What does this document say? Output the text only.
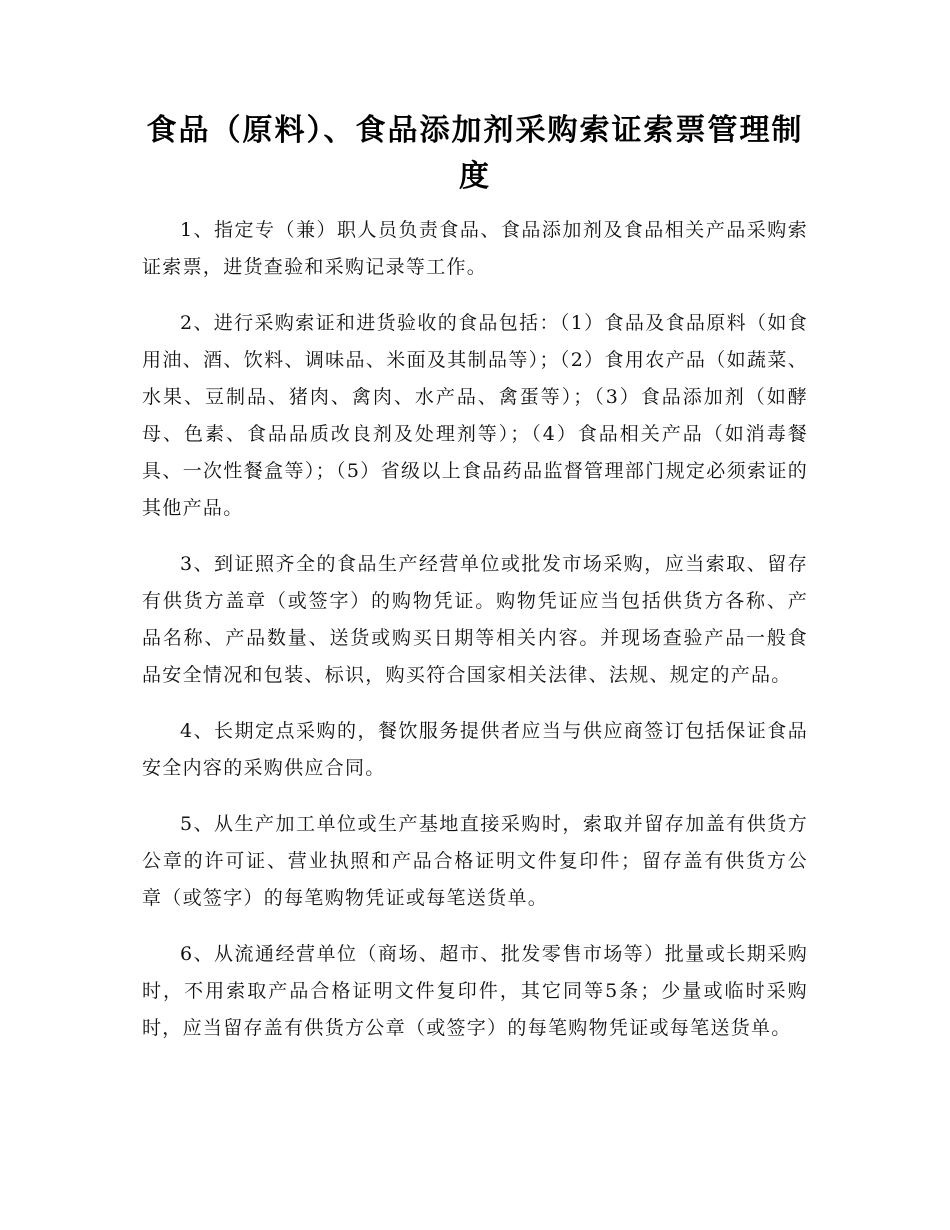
食品（原料）、食品添加剂采购索证索票管理制度

1、指定专（兼）职人员负责食品、食品添加剂及食品相关产品采购索证索票，进货查验和采购记录等工作。

2、进行采购索证和进货验收的食品包括：（1）食品及食品原料（如食用油、酒、饮料、调味品、米面及其制品等）；（2）食用农产品（如蔬菜、水果、豆制品、猪肉、禽肉、水产品、禽蛋等）；（3）食品添加剂（如酵母、色素、食品品质改良剂及处理剂等）；（4）食品相关产品（如消毒餐具、一次性餐盒等）；（5）省级以上食品药品监督管理部门规定必须索证的其他产品。

3、到证照齐全的食品生产经营单位或批发市场采购，应当索取、留存有供货方盖章（或签字）的购物凭证。购物凭证应当包括供货方各称、产品名称、产品数量、送货或购买日期等相关内容。并现场查验产品一般食品安全情况和包装、标识，购买符合国家相关法律、法规、规定的产品。

4、长期定点采购的，餐饮服务提供者应当与供应商签订包括保证食品安全内容的采购供应合同。

5、从生产加工单位或生产基地直接采购时，索取并留存加盖有供货方公章的许可证、营业执照和产品合格证明文件复印件；留存盖有供货方公章（或签字）的每笔购物凭证或每笔送货单。

6、从流通经营单位（商场、超市、批发零售市场等）批量或长期采购时，不用索取产品合格证明文件复印件，其它同等5条；少量或临时采购时，应当留存盖有供货方公章（或签字）的每笔购物凭证或每笔送货单。
